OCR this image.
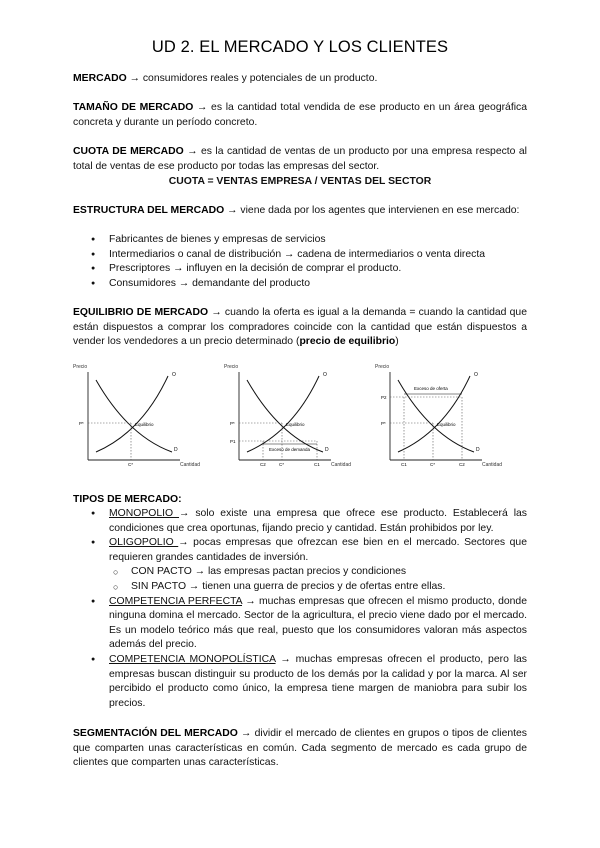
UD 2. EL MERCADO Y LOS CLIENTES

MERCADO → consumidores reales y potenciales de un producto.

TAMAÑO DE MERCADO → es la cantidad total vendida de ese producto en un área geográfica concreta y durante un período concreto.

CUOTA DE MERCADO → es la cantidad de ventas de un producto por una empresa respecto al total de ventas de ese producto por todas las empresas del sector.

CUOTA = VENTAS EMPRESA / VENTAS DEL SECTOR

ESTRUCTURA DEL MERCADO → viene dada por los agentes que intervienen en ese mercado:

● Fabricantes de bienes y empresas de servicios
● Intermediarios o canal de distribución → cadena de intermediarios o venta directa
● Prescriptores → influyen en la decisión de comprar el producto.
● Consumidores → demandante del producto

EQUILIBRIO DE MERCADO → cuando la oferta es igual a la demanda = cuando la cantidad que están dispuestos a comprar los compradores coincide con la cantidad que están dispuestos a vender los vendedores a un precio determinado (precio de equilibrio)

Precio
O
D
P*
C*
Equilibrio
Cantidad
Precio
O
D
P*
P1
C2	C*	C1
Equilibrio
Exceso de demanda
Cantidad
Precio
O
D
P*
P2
C1	C*	C2
Equilibrio
Exceso de oferta
Cantidad

TIPOS DE MERCADO:

● MONOPOLIO → solo existe una empresa que ofrece ese producto. Establecerá las condiciones que crea oportunas, fijando precio y cantidad. Están prohibidos por ley.
● OLIGOPOLIO → pocas empresas que ofrezcan ese bien en el mercado. Sectores que requieren grandes cantidades de inversión.
○ CON PACTO → las empresas pactan precios y condiciones
○ SIN PACTO → tienen una guerra de precios y de ofertas entre ellas.
● COMPETENCIA PERFECTA → muchas empresas que ofrecen el mismo producto, donde ninguna domina el mercado. Sector de la agricultura, el precio viene dado por el mercado. Es un modelo teórico más que real, puesto que los consumidores valoran más aspectos además del precio.
● COMPETENCIA MONOPOLÍSTICA → muchas empresas ofrecen el producto, pero las empresas buscan distinguir su producto de los demás por la calidad y por la marca. Al ser percibido el producto como único, la empresa tiene margen de maniobra para subir los precios.

SEGMENTACIÓN DEL MERCADO → dividir el mercado de clientes en grupos o tipos de clientes que comparten unas características en común. Cada segmento de mercado es cada grupo de clientes que comparten unas características.
